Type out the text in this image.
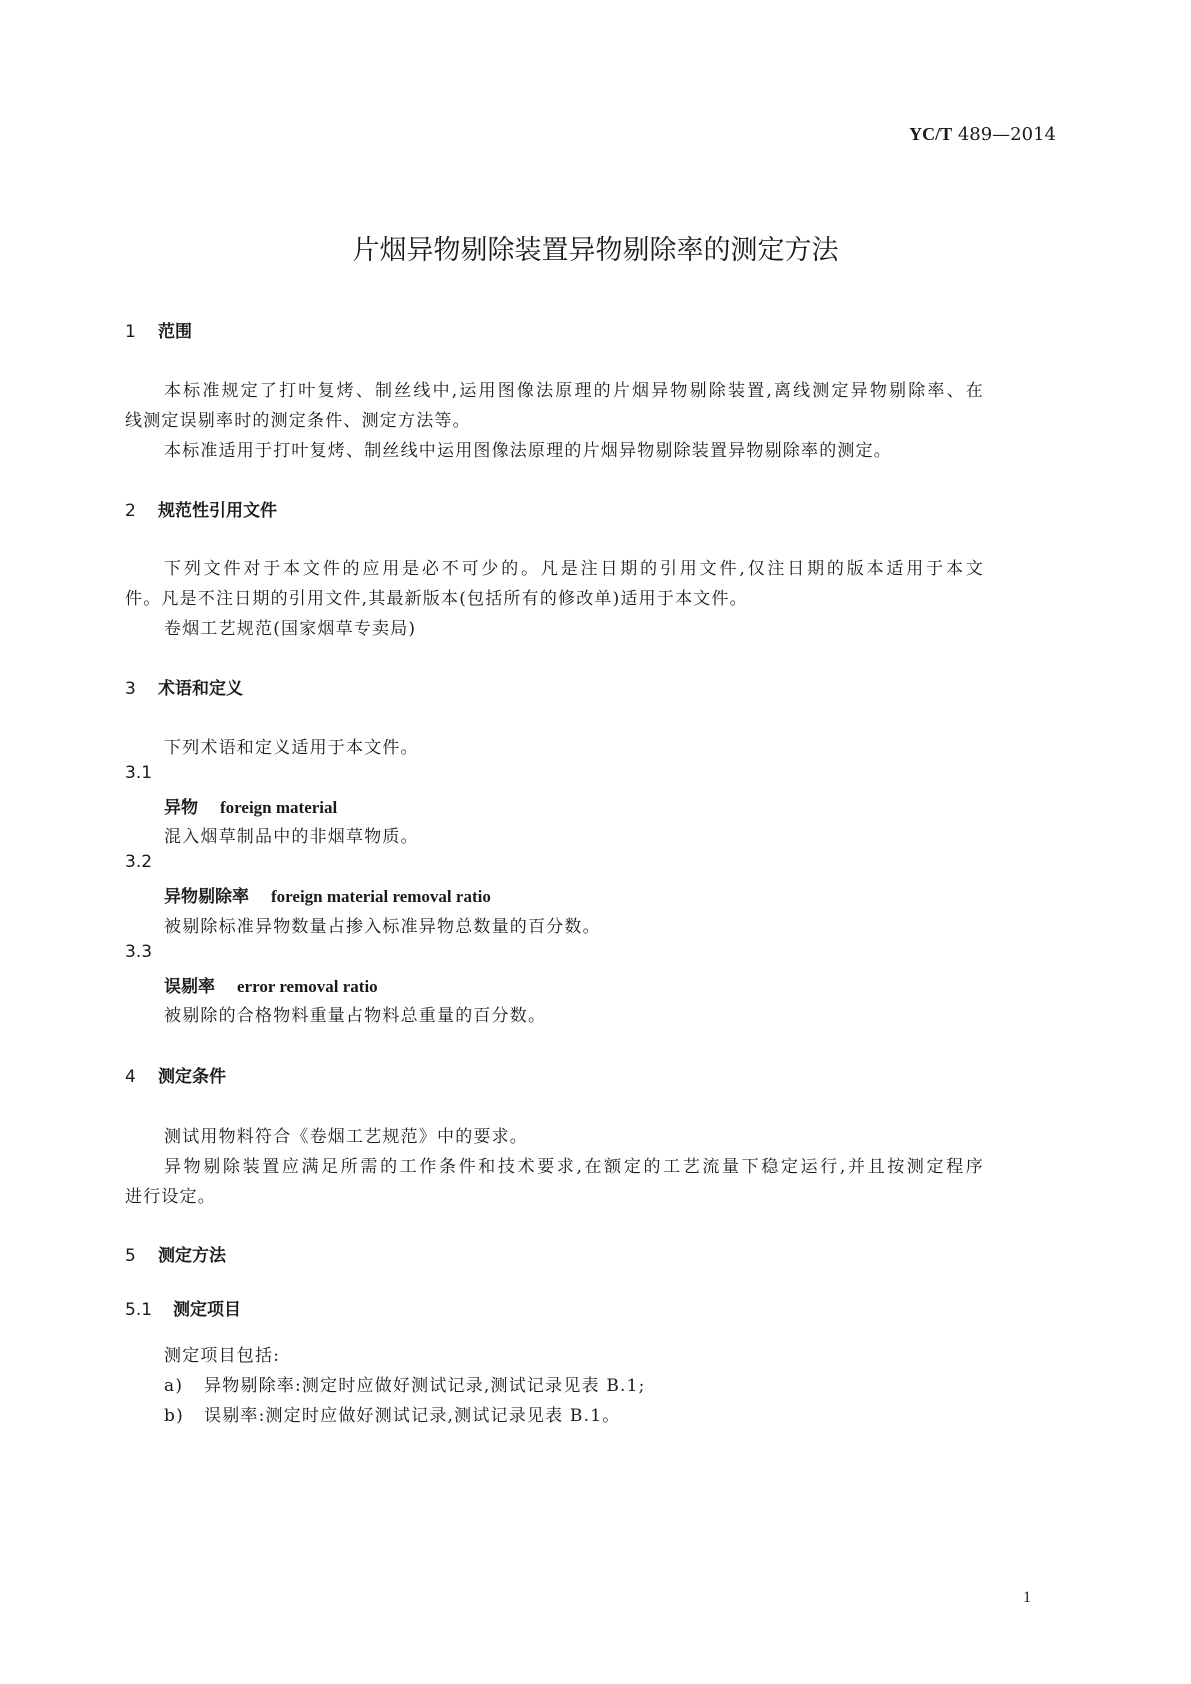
YC/T 489—2014
片烟异物剔除装置异物剔除率的测定方法
1 范围
本标准规定了打叶复烤、制丝线中,运用图像法原理的片烟异物剔除装置,离线测定异物剔除率、在
线测定误剔率时的测定条件、测定方法等。
本标准适用于打叶复烤、制丝线中运用图像法原理的片烟异物剔除装置异物剔除率的测定。
2 规范性引用文件
下列文件对于本文件的应用是必不可少的。凡是注日期的引用文件,仅注日期的版本适用于本文
件。凡是不注日期的引用文件,其最新版本(包括所有的修改单)适用于本文件。
卷烟工艺规范(国家烟草专卖局)
3 术语和定义
下列术语和定义适用于本文件。
3.1
异物 foreign material
混入烟草制品中的非烟草物质。
3.2
异物剔除率 foreign material removal ratio
被剔除标准异物数量占掺入标准异物总数量的百分数。
3.3
误剔率 error removal ratio
被剔除的合格物料重量占物料总重量的百分数。
4 测定条件
测试用物料符合《卷烟工艺规范》中的要求。
异物剔除装置应满足所需的工作条件和技术要求,在额定的工艺流量下稳定运行,并且按测定程序
进行设定。
5 测定方法
5.1 测定项目
测定项目包括:
a) 异物剔除率:测定时应做好测试记录,测试记录见表 B.1;
b) 误剔率:测定时应做好测试记录,测试记录见表 B.1。
1
